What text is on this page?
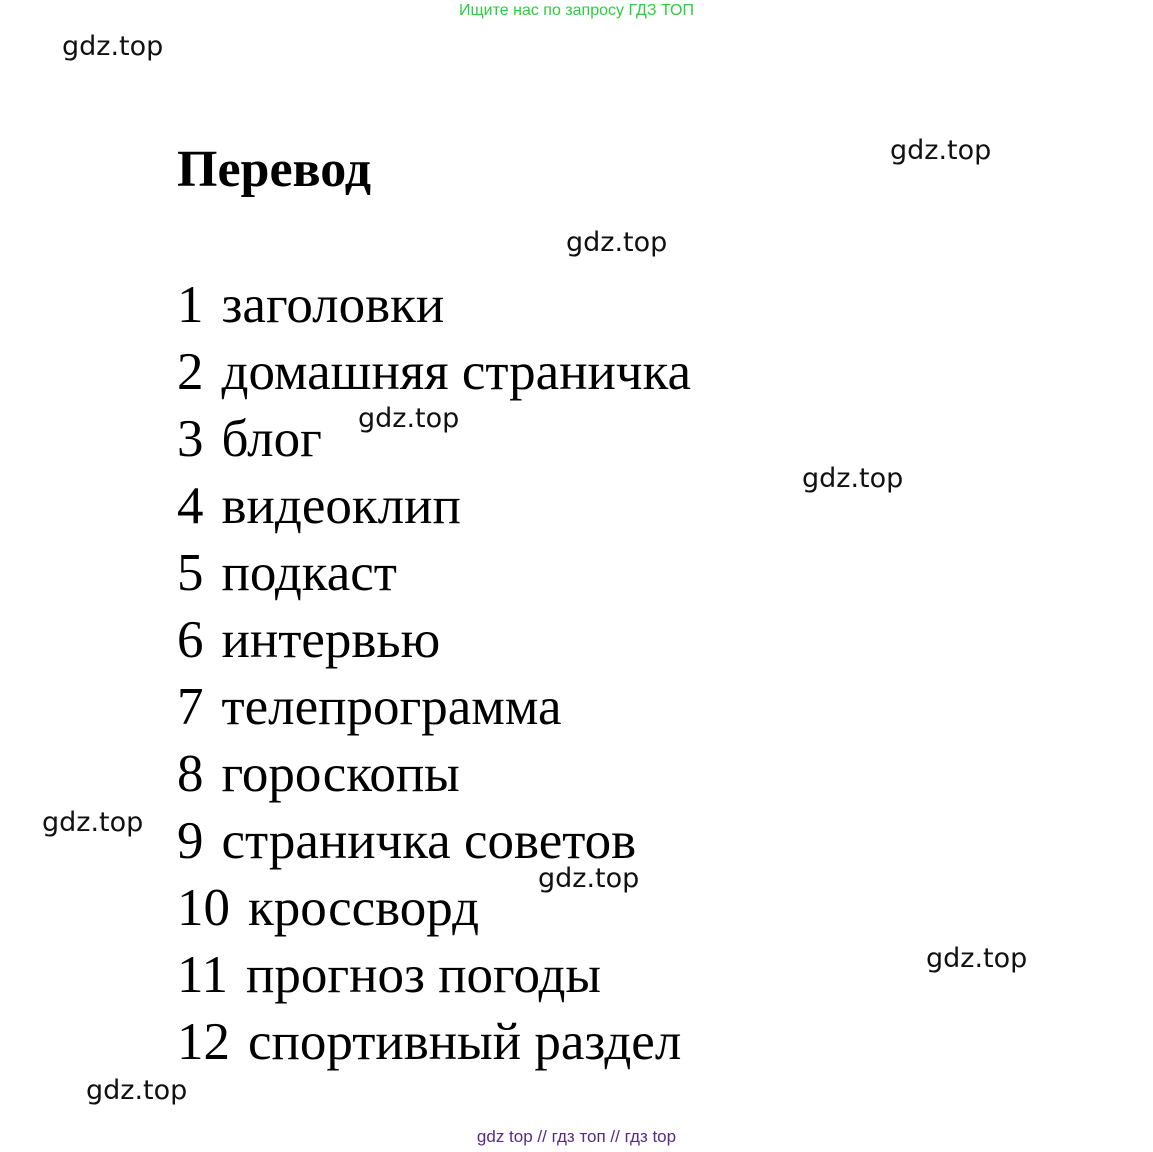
Ищите нас по запросу ГДЗ ТОП
gdz.top
gdz.top
gdz.top
gdz.top
gdz.top
gdz.top
gdz.top
gdz.top
gdz.top
Перевод
1 заголовки
2 домашняя страничка
3 блог
4 видеоклип
5 подкаст
6 интервью
7 телепрограмма
8 гороскопы
9 страничка советов
10 кроссворд
11 прогноз погоды
12 спортивный раздел
gdz top // гдз топ // гдз top
